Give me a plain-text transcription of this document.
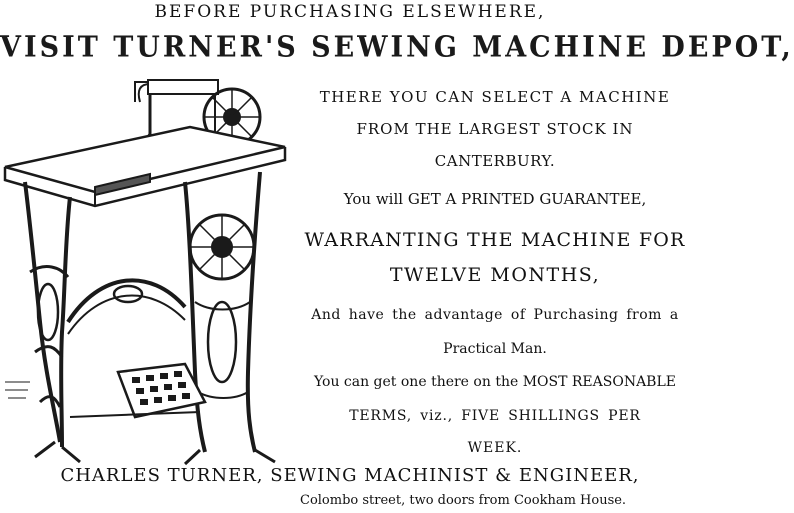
BEFORE PURCHASING ELSEWHERE,
VISIT TURNER'S SEWING MACHINE DEPOT,
THERE YOU CAN SELECT A MACHINE
FROM THE LARGEST STOCK IN
CANTERBURY.
You will GET A PRINTED GUARANTEE,
WARRANTING THE MACHINE FOR
TWELVE MONTHS,
And have the advantage of Purchasing from a
Practical Man.
You can get one there on the MOST REASONABLE
TERMS, viz., FIVE SHILLINGS PER
WEEK.
CHARLES TURNER, SEWING MACHINIST & ENGINEER,
Colombo street, two doors from Cookham House.
